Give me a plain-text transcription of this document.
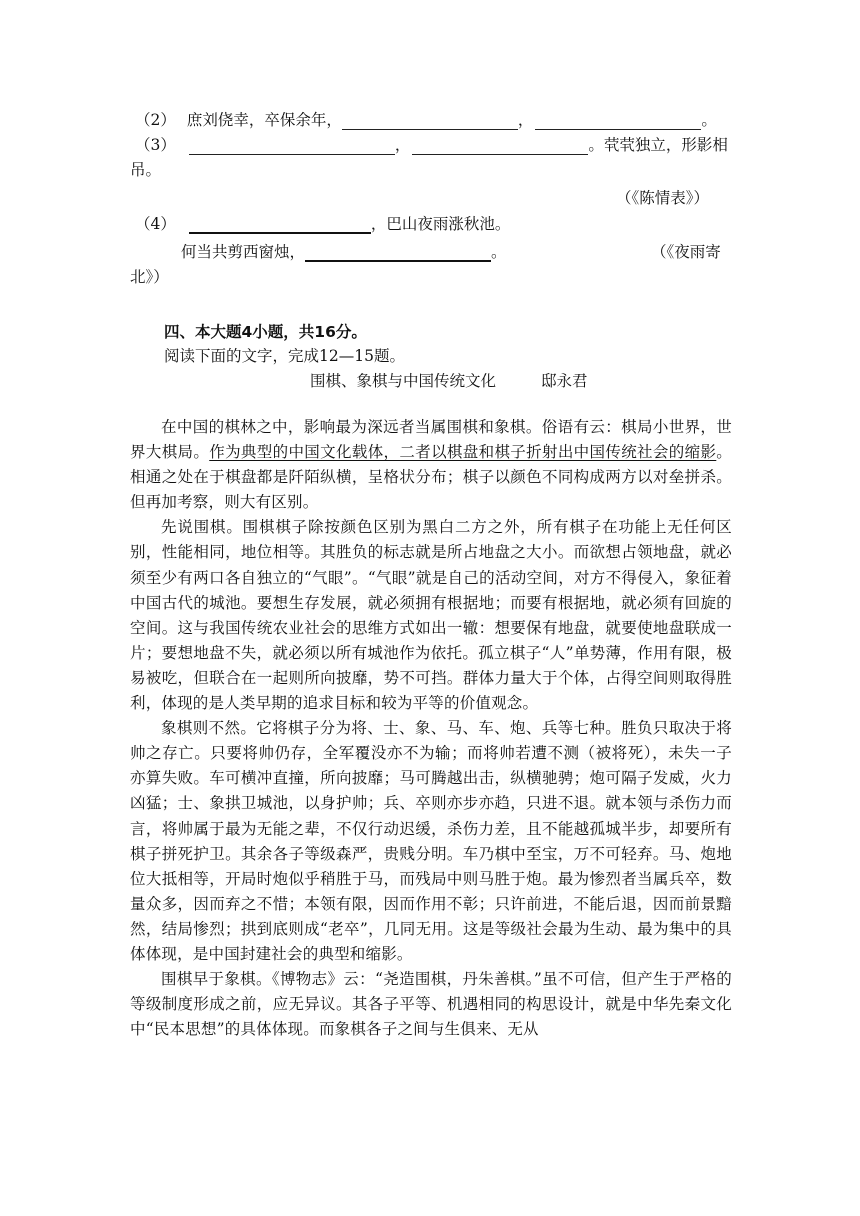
（2） 庶刘侥幸，卒保余年，	，	。
（3）	，	。茕茕独立，形影相
吊。
（《陈情表》）
（4）	，巴山夜雨涨秋池。
何当共剪西窗烛，	。	（《夜雨寄
北》）
四、本大题4小题，共16分。
阅读下面的文字，完成12—15题。
围棋、象棋与中国传统文化	邸永君

在中国的棋林之中，影响最为深远者当属围棋和象棋。俗语有云：棋局小世界，世界大棋局。作为典型的中国文化载体，二者以棋盘和棋子折射出中国传统社会的缩影。相通之处在于棋盘都是阡陌纵横，呈格状分布；棋子以颜色不同构成两方以对垒拼杀。但再加考察，则大有区别。

先说围棋。围棋棋子除按颜色区别为黑白二方之外，所有棋子在功能上无任何区别，性能相同，地位相等。其胜负的标志就是所占地盘之大小。而欲想占领地盘，就必须至少有两口各自独立的“气眼”。“气眼”就是自己的活动空间，对方不得侵入，象征着中国古代的城池。要想生存发展，就必须拥有根据地；而要有根据地，就必须有回旋的空间。这与我国传统农业社会的思维方式如出一辙：想要保有地盘，就要使地盘联成一片；要想地盘不失，就必须以所有城池作为依托。孤立棋子“人”单势薄，作用有限，极易被吃，但联合在一起则所向披靡，势不可挡。群体力量大于个体，占得空间则取得胜利，体现的是人类早期的追求目标和较为平等的价值观念。

象棋则不然。它将棋子分为将、士、象、马、车、炮、兵等七种。胜负只取决于将帅之存亡。只要将帅仍存，全军覆没亦不为输；而将帅若遭不测（被将死），未失一子亦算失败。车可横冲直撞，所向披靡；马可腾越出击，纵横驰骋；炮可隔子发威，火力凶猛；士、象拱卫城池，以身护帅；兵、卒则亦步亦趋，只进不退。就本领与杀伤力而言，将帅属于最为无能之辈，不仅行动迟缓，杀伤力差，且不能越孤城半步，却要所有棋子拼死护卫。其余各子等级森严，贵贱分明。车乃棋中至宝，万不可轻弃。马、炮地位大抵相等，开局时炮似乎稍胜于马，而残局中则马胜于炮。最为惨烈者当属兵卒，数量众多，因而弃之不惜；本领有限，因而作用不彰；只许前进，不能后退，因而前景黯然，结局惨烈；拱到底则成“老卒”，几同无用。这是等级社会最为生动、最为集中的具体体现，是中国封建社会的典型和缩影。

围棋早于象棋。《博物志》云：“尧造围棋，丹朱善棋。”虽不可信，但产生于严格的等级制度形成之前，应无异议。其各子平等、机遇相同的构思设计，就是中华先秦文化中“民本思想”的具体体现。而象棋各子之间与生俱来、无从
